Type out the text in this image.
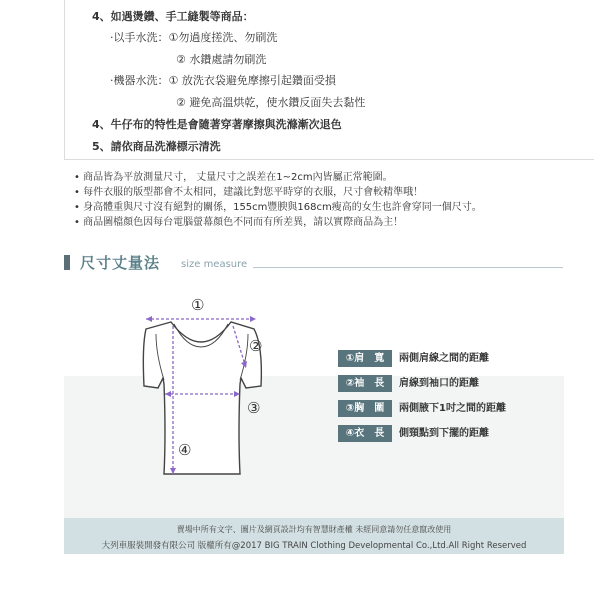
4、如遇燙鑽、手工縫製等商品：
·以手水洗：①勿過度搓洗、勿刷洗
② 水鑽處請勿刷洗
·機器水洗：① 放洗衣袋避免摩擦引起鑽面受損
② 避免高溫烘乾，使水鑽反面失去黏性
4、牛仔布的特性是會隨著穿著摩擦與洗滌漸次退色
5、請依商品洗滌標示清洗
• 商品皆為平放測量尺寸， 丈量尺寸之誤差在1~2cm內皆屬正常範圍。
• 每件衣服的版型都會不太相同，建議比對您平時穿的衣服，尺寸會較精準哦！
• 身高體重與尺寸沒有絕對的關係，155cm豐腴與168cm瘦高的女生也許會穿同一個尺寸。
• 商品圖檔顏色因每台電腦螢幕顏色不同而有所差異，請以實際商品為主！
尺寸丈量法 size measure
①
②
③
④
①肩　寬	兩側肩線之間的距離
②袖　長	肩線到袖口的距離
③胸　圍	兩側腋下1吋之間的距離
④衣　長	側頸點到下擺的距離
賣場中所有文字、圖片及網頁設計均有智慧財產權 未經同意請勿任意竄改使用
大列車服裝開發有限公司 版權所有@2017 BIG TRAIN Clothing Developmental Co.,Ltd.All Right Reserved
